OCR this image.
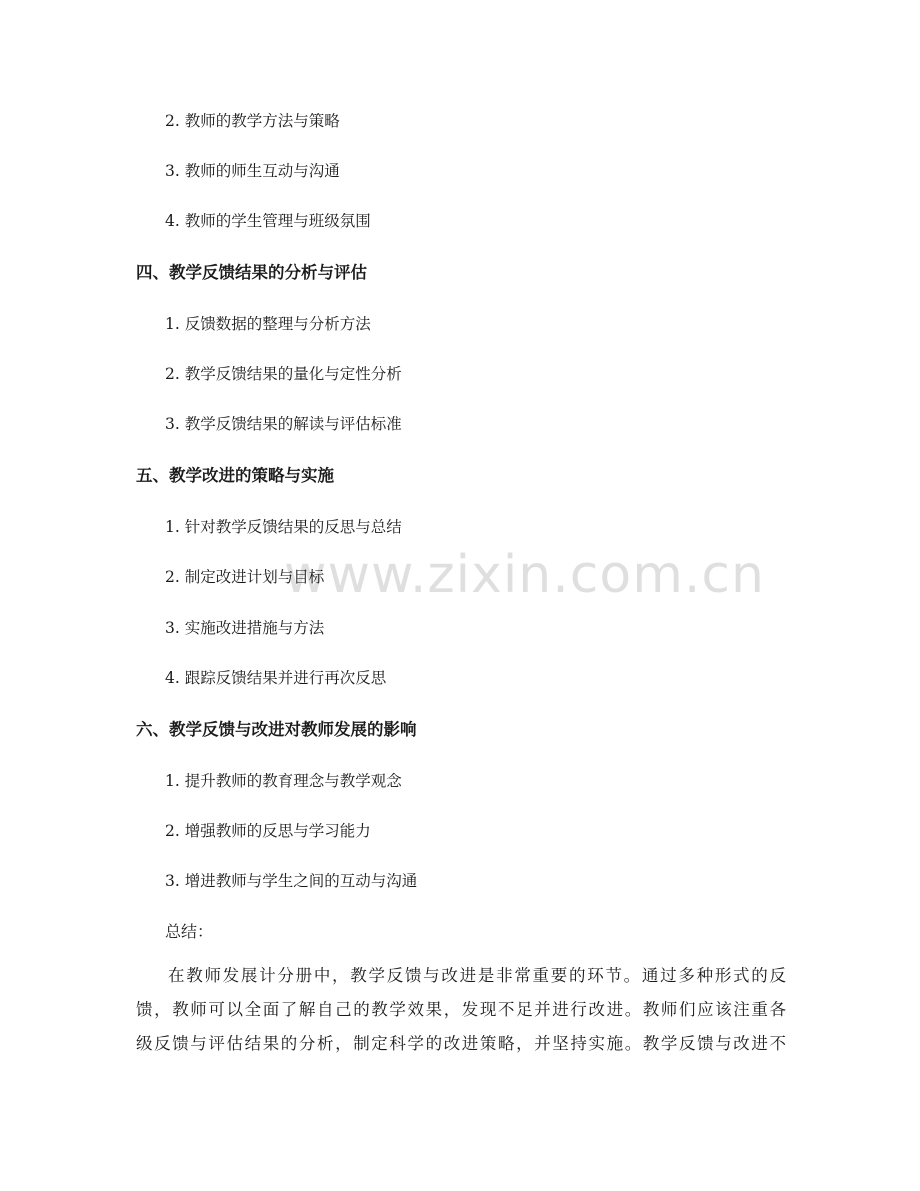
2. 教师的教学方法与策略
3. 教师的师生互动与沟通
4. 教师的学生管理与班级氛围
四、教学反馈结果的分析与评估
1. 反馈数据的整理与分析方法
2. 教学反馈结果的量化与定性分析
3. 教学反馈结果的解读与评估标准
五、教学改进的策略与实施
1. 针对教学反馈结果的反思与总结
2. 制定改进计划与目标
3. 实施改进措施与方法
4. 跟踪反馈结果并进行再次反思
六、教学反馈与改进对教师发展的影响
1. 提升教师的教育理念与教学观念
2. 增强教师的反思与学习能力
3. 增进教师与学生之间的互动与沟通
总结：
在教师发展计分册中，教学反馈与改进是非常重要的环节。通过多种形式的反
馈，教师可以全面了解自己的教学效果，发现不足并进行改进。教师们应该注重各
级反馈与评估结果的分析，制定科学的改进策略，并坚持实施。教学反馈与改进不
www.zixin.com.cn
